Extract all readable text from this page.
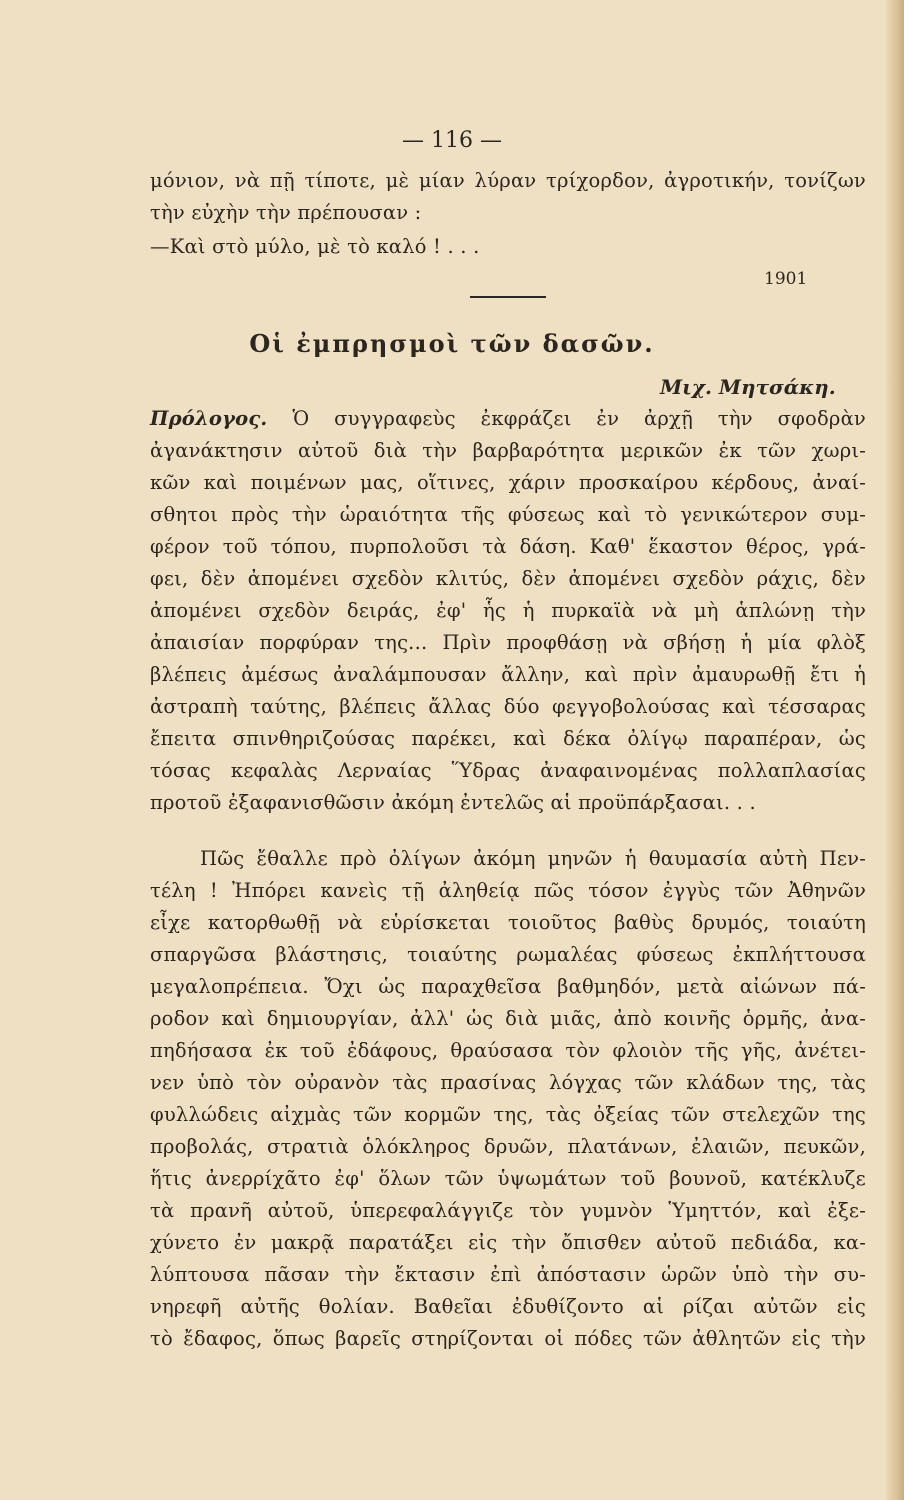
— 116 —
μόνιον, νὰ πῇ τίποτε, μὲ μίαν λύραν τρίχορδον, ἀγροτικήν, τονίζων
τὴν εὐχὴν τὴν πρέπουσαν :
—Καὶ στὸ μύλο, μὲ τὸ καλό ! . . .
1901
Οἱ ἐμπρησμοὶ τῶν δασῶν.
Μιχ. Μητσάκη.
Πρόλογος. Ὁ συγγραφεὺς ἐκφράζει ἐν ἀρχῇ τὴν σφοδρὰν
ἀγανάκτησιν αὐτοῦ διὰ τὴν βαρβαρότητα μερικῶν ἐκ τῶν χωρι-
κῶν καὶ ποιμένων μας, οἵτινες, χάριν προσκαίρου κέρδους, ἀναί-
σθητοι πρὸς τὴν ὡραιότητα τῆς φύσεως καὶ τὸ γενικώτερον συμ-
φέρον τοῦ τόπου, πυρπολοῦσι τὰ δάση. Καθ' ἕκαστον θέρος, γρά-
φει, δὲν ἀπομένει σχεδὸν κλιτύς, δὲν ἀπομένει σχεδὸν ράχις, δὲν
ἀπομένει σχεδὸν δειράς, ἐφ' ἧς ἡ πυρκαϊὰ νὰ μὴ ἁπλώνῃ τὴν
ἀπαισίαν πορφύραν της... Πρὶν προφθάσῃ νὰ σβήσῃ ἡ μία φλὸξ
βλέπεις ἀμέσως ἀναλάμπουσαν ἄλλην, καὶ πρὶν ἀμαυρωθῇ ἔτι ἡ
ἀστραπὴ ταύτης, βλέπεις ἄλλας δύο φεγγοβολούσας καὶ τέσσαρας
ἔπειτα σπινθηριζούσας παρέκει, καὶ δέκα ὀλίγῳ παραπέραν, ὡς
τόσας κεφαλὰς Λερναίας Ὕδρας ἀναφαινομένας πολλαπλασίας
προτοῦ ἐξαφανισθῶσιν ἀκόμη ἐντελῶς αἱ προϋπάρξασαι. . .
Πῶς ἔθαλλε πρὸ ὀλίγων ἀκόμη μηνῶν ἡ θαυμασία αὐτὴ Πεν-
τέλη ! Ἠπόρει κανεὶς τῇ ἀληθείᾳ πῶς τόσον ἐγγὺς τῶν Ἀθηνῶν
εἶχε κατορθωθῇ νὰ εὑρίσκεται τοιοῦτος βαθὺς δρυμός, τοιαύτη
σπαργῶσα βλάστησις, τοιαύτης ρωμαλέας φύσεως ἐκπλήττουσα
μεγαλοπρέπεια. Ὄχι ὡς παραχθεῖσα βαθμηδόν, μετὰ αἰώνων πά-
ροδον καὶ δημιουργίαν, ἀλλ' ὡς διὰ μιᾶς, ἀπὸ κοινῆς ὁρμῆς, ἀνα-
πηδήσασα ἐκ τοῦ ἐδάφους, θραύσασα τὸν φλοιὸν τῆς γῆς, ἀνέτει-
νεν ὑπὸ τὸν οὐρανὸν τὰς πρασίνας λόγχας τῶν κλάδων της, τὰς
φυλλώδεις αἰχμὰς τῶν κορμῶν της, τὰς ὀξείας τῶν στελεχῶν της
προβολάς, στρατιὰ ὁλόκληρος δρυῶν, πλατάνων, ἐλαιῶν, πευκῶν,
ἥτις ἀνερρίχᾶτο ἐφ' ὅλων τῶν ὑψωμάτων τοῦ βουνοῦ, κατέκλυζε
τὰ πρανῆ αὐτοῦ, ὑπερεφαλάγγιζε τὸν γυμνὸν Ὑμηττόν, καὶ ἐξε-
χύνετο ἐν μακρᾷ παρατάξει εἰς τὴν ὄπισθεν αὐτοῦ πεδιάδα, κα-
λύπτουσα πᾶσαν τὴν ἔκτασιν ἐπὶ ἀπόστασιν ὡρῶν ὑπὸ τὴν συ-
νηρεφῆ αὐτῆς θολίαν. Βαθεῖαι ἐδυθίζοντο αἱ ρίζαι αὐτῶν εἰς
τὸ ἔδαφος, ὅπως βαρεῖς στηρίζονται οἱ πόδες τῶν ἀθλητῶν εἰς τὴν
